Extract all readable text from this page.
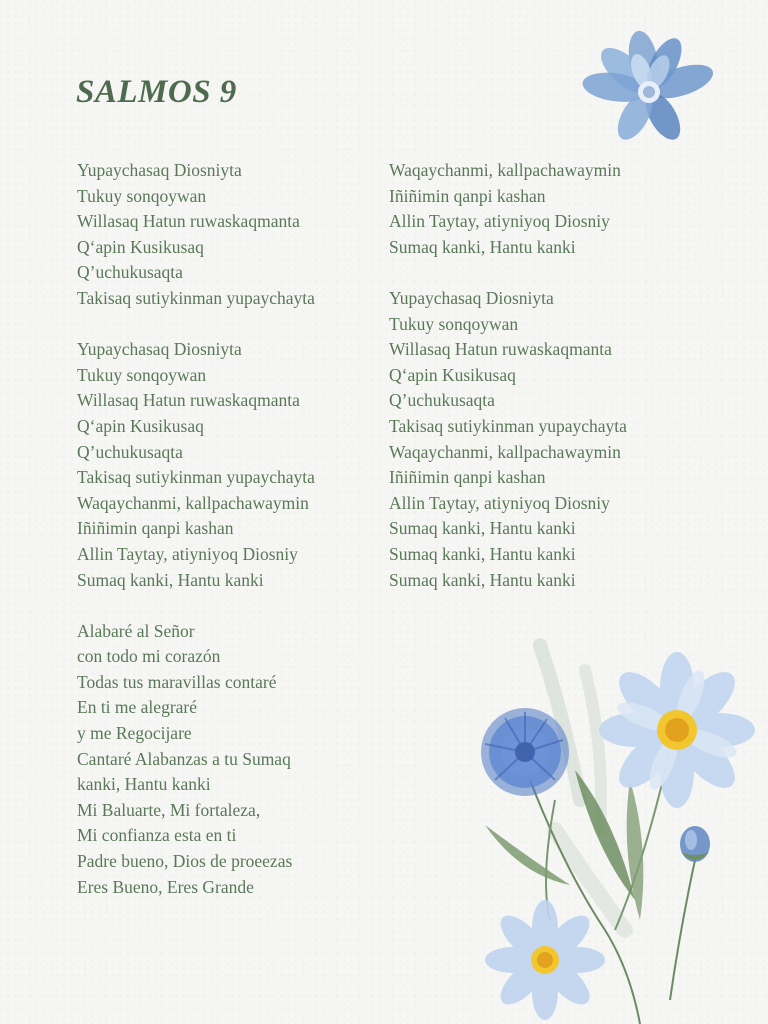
SALMOS 9
Yupaychasaq Diosniyta
Tukuy sonqoywan
Willasaq Hatun ruwaskaqmanta
Q‘apin Kusikusaq
Q’uchukusaqta
Takisaq sutiykinman yupaychayta
Yupaychasaq Diosniyta
Tukuy sonqoywan
Willasaq Hatun ruwaskaqmanta
Q‘apin Kusikusaq
Q’uchukusaqta
Takisaq sutiykinman yupaychayta
Waqaychanmi, kallpachawaymin
Iñiñimin qanpi kashan
Allin Taytay, atiyniyoq Diosniy
Sumaq kanki, Hantu kanki
Alabaré al Señor
con todo mi corazón
Todas tus maravillas contaré
En ti me alegraré
y me Regocijare
Cantaré Alabanzas a tu Sumaq
kanki, Hantu kanki
Mi Baluarte, Mi fortaleza,
Mi confianza esta en ti
Padre bueno, Dios de proeezas
Eres Bueno, Eres Grande
Waqaychanmi, kallpachawaymin
Iñiñimin qanpi kashan
Allin Taytay, atiyniyoq Diosniy
Sumaq kanki, Hantu kanki
Yupaychasaq Diosniyta
Tukuy sonqoywan
Willasaq Hatun ruwaskaqmanta
Q‘apin Kusikusaq
Q’uchukusaqta
Takisaq sutiykinman yupaychayta
Waqaychanmi, kallpachawaymin
Iñiñimin qanpi kashan
Allin Taytay, atiyniyoq Diosniy
Sumaq kanki, Hantu kanki
Sumaq kanki, Hantu kanki
Sumaq kanki, Hantu kanki
